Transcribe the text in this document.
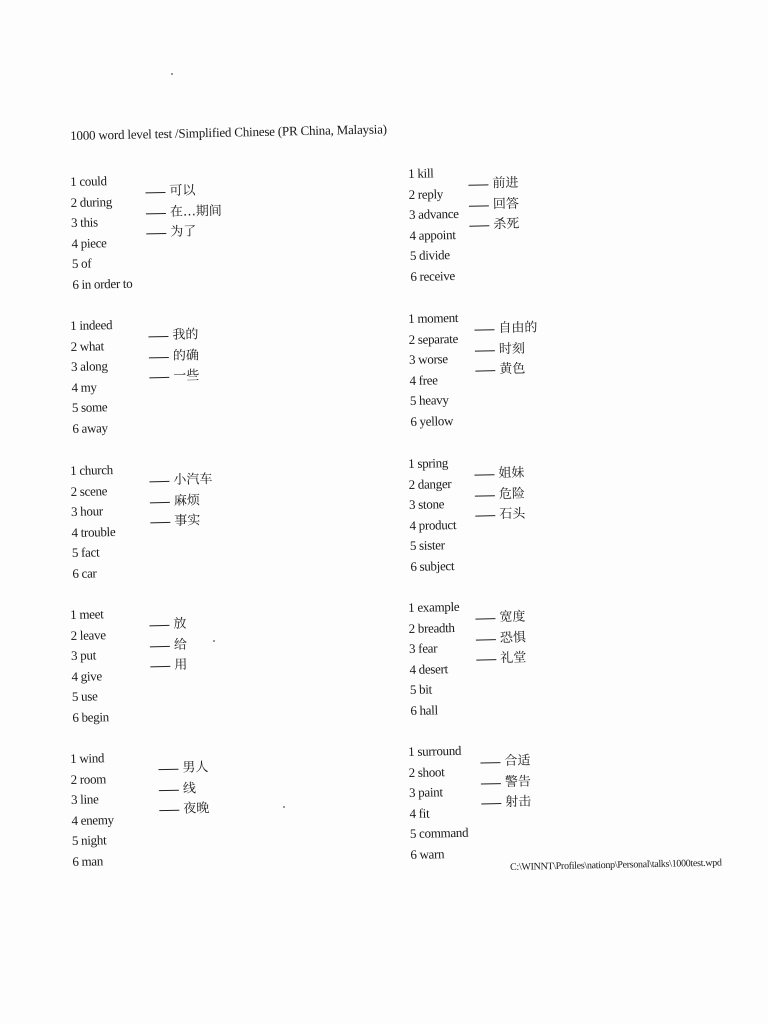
1000 word level test /Simplified Chinese (PR China, Malaysia)
1 could
2 during
3 this
4 piece
5 of
6 in order to
可以
在…期间
为了
1 indeed
2 what
3 along
4 my
5 some
6 away
我的
的确
一些
1 church
2 scene
3 hour
4 trouble
5 fact
6 car
小汽车
麻烦
事实
1 meet
2 leave
3 put
4 give
5 use
6 begin
放
给
用
1 wind
2 room
3 line
4 enemy
5 night
6 man
男人
线
夜晚
1 kill
2 reply
3 advance
4 appoint
5 divide
6 receive
前进
回答
杀死
1 moment
2 separate
3 worse
4 free
5 heavy
6 yellow
自由的
时刻
黄色
1 spring
2 danger
3 stone
4 product
5 sister
6 subject
姐妹
危险
石头
1 example
2 breadth
3 fear
4 desert
5 bit
6 hall
宽度
恐惧
礼堂
1 surround
2 shoot
3 paint
4 fit
5 command
6 warn
合适
警告
射击
C:\WINNT\Profiles\nationp\Personal\talks\1000test.wpd
